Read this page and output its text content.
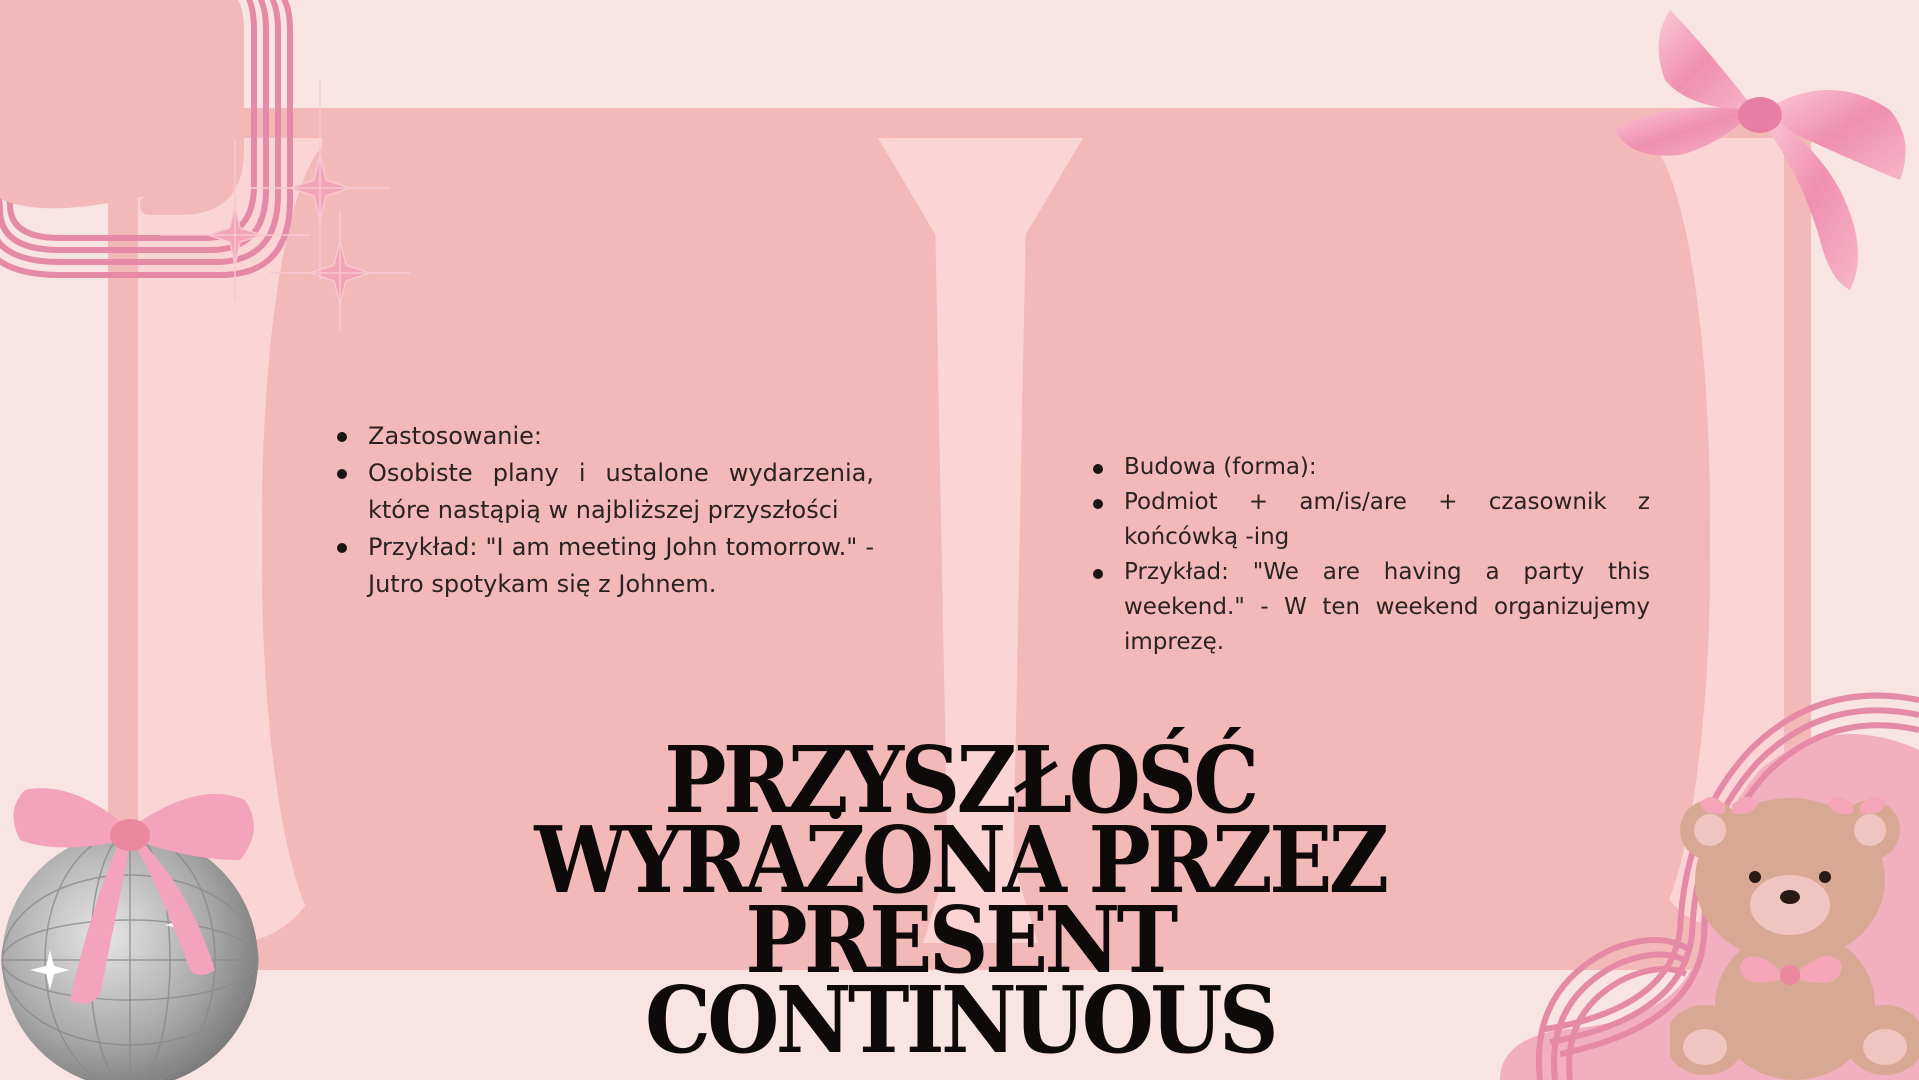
Zastosowanie:
Osobiste plany i ustalone wydarzenia, które nastąpią w najbliższej przyszłości
Przykład: "I am meeting John tomorrow." - Jutro spotykam się z Johnem.
Budowa (forma):
Podmiot + am/is/are + czasownik z końcówką -ing
Przykład: "We are having a party this weekend." - W ten weekend organizujemy imprezę.
PRZYSZŁOŚĆ
WYRAŻONA PRZEZ
PRESENT
CONTINUOUS
